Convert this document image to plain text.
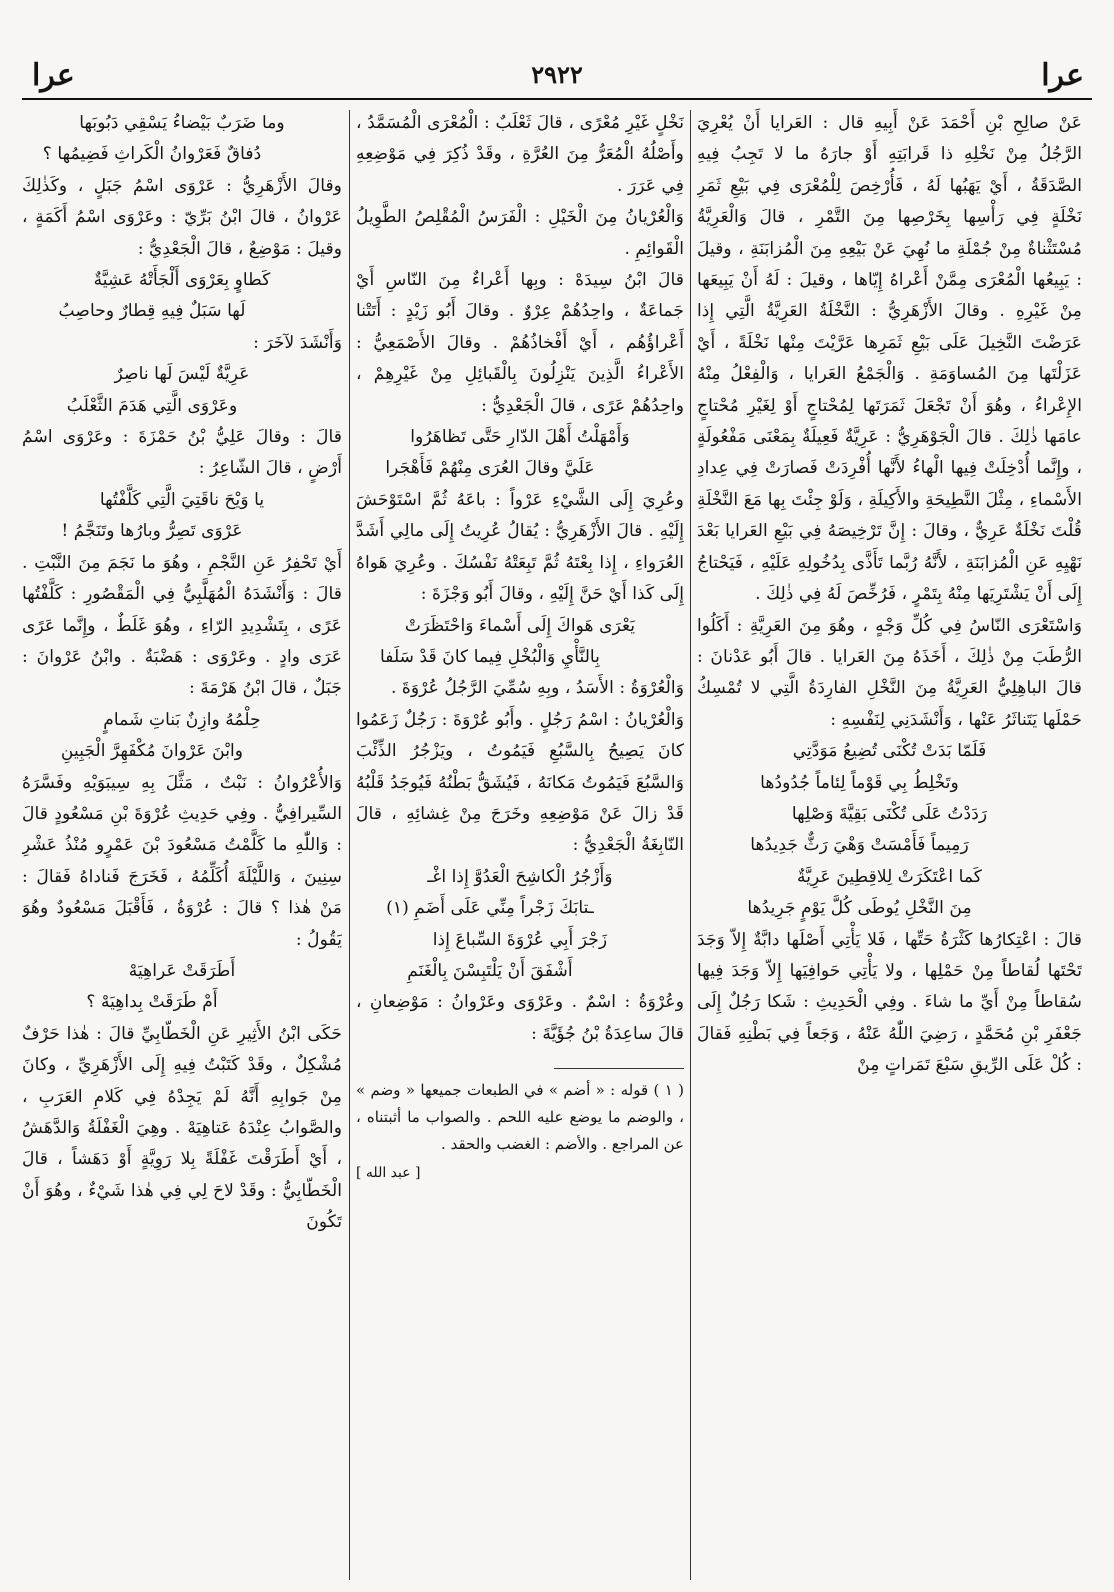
عرا	٢٩٢٢	عرا

عَنْ صالِحِ بْنِ أَحْمَدَ عَنْ أَبِيهِ قال : العَرايا أَنْ يُعْرِيَ الرَّجُلُ مِنْ نَخْلِهِ ذا قَرابَتِهِ أَوْ جارَهُ ما لا تَجِبُ فِيهِ الصَّدَقَةُ ، أَيْ يَهَبُها لَهُ ، فَأُرْخِصَ لِلْمُعْرَى فِي بَيْعِ ثَمَرِ نَخْلَةٍ فِي رَأْسِها بِخَرْصِها مِنَ التَّمْرِ ، قالَ وَالْعَرِيَّةُ مُسْتَثْناةٌ مِنْ جُمْلَةِ ما نُهِيَ عَنْ بَيْعِهِ مِنَ الْمُزابَنَةِ ، وقيلَ : يَبِيعُها الْمُعْرَى مِمَّنْ أَعْراهُ إِيّاها ، وقيلَ : لَهُ أَنْ يَبِيعَها مِنْ غَيْرِهِ . وقالَ الأَزْهَرِيُّ : النَّخْلَةُ العَرِيَّةُ الَّتِي إِذا عَرَضْتَ النَّخِيلَ عَلَى بَيْعِ ثَمَرِها عَرَّيْتَ مِنْها نَخْلَةً ، أَيْ عَزَلْتَها مِنَ المُساوَمَةِ . وَالْجَمْعُ العَرايا ، وَالْفِعْلُ مِنْهُ الإِعْراءُ ، وهُوَ أَنْ تَجْعَلَ ثَمَرَتَها لِمُحْتاجٍ أَوْ لِغَيْرِ مُحْتاجٍ عامَها ذٰلِكَ . قالَ الْجَوْهَرِيُّ : عَرِيَّةٌ فَعِيلَةٌ بِمَعْنَى مَفْعُولَةٍ ، وإِنَّما أُدْخِلَتْ فِيها الْهاءُ لأَنَّها أُفْرِدَتْ فَصارَتْ فِي عِدادِ الأَسْماءِ ، مِثْلَ النَّطِيحَةِ والأَكِيلَةِ ، وَلَوْ جِئْتَ بِها مَعَ النَّخْلَةِ قُلْتَ نَخْلَةٌ عَرِيٌّ ، وقالَ : إِنَّ تَرْخِيصَهُ فِي بَيْعِ العَرايا بَعْدَ نَهْيِهِ عَنِ الْمُزابَنَةِ ، لأَنَّهُ رُبَّما تَأَذَّى بِدُخُولِهِ عَلَيْهِ ، فَيَحْتاجُ إِلَى أَنْ يَشْتَرِيَها مِنْهُ بِتَمْرٍ ، فَرُخِّصَ لَهُ فِي ذٰلِكَ .

وَاسْتَعْرَى النّاسُ فِي كُلِّ وَجْهٍ ، وهُوَ مِنَ العَرِيَّةِ : أَكَلُوا الرُّطَبَ مِنْ ذٰلِكَ ، أَخَذَهُ مِنَ العَرايا . قالَ أَبُو عَدْنانَ : قالَ الباهِلِيُّ العَرِيَّةُ مِنَ النَّخْلِ الفارِدَةُ الَّتِي لا تُمْسِكُ حَمْلَها يَتَناثَرُ عَنْها ، وَأَنْشَدَنِي لِنَفْسِهِ :

فَلَمّا بَدَتْ تُكْنَى تُضِيعُ مَوَدَّتِي

وتَخْلِطُ بِي قَوْماً لِئاماً جُدُودُها

رَدَدْتُ عَلَى تُكْنَى بَقِيَّةَ وَصْلِها

رَمِيماً فَأَمْسَتْ وَهْيَ رَثٌّ جَدِيدُها

كَما اعْتَكَرَتْ لِلاقِطِينَ عَرِيَّةٌ

مِنَ النَّخْلِ يُوطَى كُلَّ يَوْمٍ جَرِيدُها

قالَ : اعْتِكارُها كَثْرَةُ حَتِّها ، فَلا يَأْتِي أَصْلَها دابَّةٌ إِلاّ وَجَدَ تَحْتَها لُقاطاً مِنْ حَمْلِها ، ولا يَأْتِي حَوافِيَها إِلاّ وَجَدَ فِيها سُقاطاً مِنْ أَيِّ ما شاءَ . وفِي الْحَدِيثِ : شَكا رَجُلٌ إِلَى جَعْفَرِ بْنِ مُحَمَّدٍ ، رَضِيَ اللّٰهُ عَنْهُ ، وَجَعاً فِي بَطْنِهِ فَقالَ : كُلْ عَلَى الرِّيقِ سَبْعَ تَمَراتٍ مِنْ

نَخْلٍ غَيْرِ مُعْرًى ، قالَ ثَعْلَبٌ : الْمُعْرَى الْمُسَمَّدُ ، وأَصْلُهُ الْمُعَرُّ مِنَ العُرَّةِ ، وقَدْ ذُكِرَ فِي مَوْضِعِهِ فِي عَرَرَ .

وَالْعُرْيانُ مِنَ الْخَيْلِ : الْفَرَسُ الْمُقْلِصُ الطَّوِيلُ الْقَوائِمِ .

قالَ ابْنُ سِيدَهْ : وبِها أَعْراءٌ مِنَ النّاسِ أَيْ جَماعَةٌ ، واحِدُهُمْ عِرْوٌ . وقالَ أَبُو زَيْدٍ : أَتَتْنا أَعْراؤُهُم ، أَيْ أَفْخاذُهُمْ . وقالَ الأَصْمَعِيُّ : الأَعْراءُ الَّذِينَ يَنْزِلُونَ بِالْقَبائِلِ مِنْ غَيْرِهِمْ ، واحِدُهُمْ عَرًى ، قالَ الْجَعْدِيُّ :

وَأَمْهَلْتُ أَهْلَ الدّارِ حَتَّى تَظاهَرُوا

عَلَيَّ وقالَ العُرَى مِنْهُمْ فَأَهْجَرا

وعُرِيَ إِلَى الشَّيْءِ عَرْواً : باعَهُ ثُمَّ اسْتَوْحَشَ إِلَيْهِ . قالَ الأَزْهَرِيُّ : يُقالُ عُرِيتُ إِلَى مالِي أَشَدَّ العُرَواءِ ، إِذا بِعْتَهُ ثُمَّ تَبِعَتْهُ نَفْسُكَ . وعُرِيَ هَواهُ إِلَى كَذا أَيْ حَنَّ إِلَيْهِ ، وقالَ أَبُو وَجْزَةَ :

يَعْرَى هَواكَ إِلَى أَسْماءَ وَاحْتَظَرَتْ

بِالنَّأْيِ وَالْبُخْلِ فِيما كانَ قَدْ سَلَفا

وَالْعُرْوَةُ : الأَسَدُ ، وبِهِ سُمِّيَ الرَّجُلُ عُرْوَةَ .

وَالْعُرْيانُ : اسْمُ رَجُلٍ . وأَبُو عُرْوَةَ : رَجُلٌ زَعَمُوا كانَ يَصِيحُ بِالسَّبُعِ فَيَمُوتُ ، ويَزْجُرُ الذِّئْبَ وَالسَّبُعَ فَيَمُوتُ مَكانَهُ ، فَيُشَقُّ بَطْنُهُ فَيُوجَدُ قَلْبُهُ قَدْ زالَ عَنْ مَوْضِعِهِ وخَرَجَ مِنْ غِشائِهِ ، قالَ النّابِغَةُ الْجَعْدِيُّ :

وَأَزْجُرُ الْكاشِحَ الْعَدُوَّ إِذا اغْـ

ـتابَكَ زَجْراً مِنِّي عَلَى أَضَمِ (١)

زَجْرَ أَبِي عُرْوَةَ السِّباعَ إِذا

أَشْفَقَ أَنْ يَلْتَبِسْنَ بِالْغَنَمِ

وعُرْوَةُ : اسْمٌ . وعَرْوَى وعَرْوانُ : مَوْضِعانِ ، قالَ ساعِدَةُ بْنُ جُؤَيَّةَ :

( ١ ) قوله : « أضم » في الطبعات جميعها « وضم » ، والوضم ما يوضع عليه اللحم . والصواب ما أثبتناه ، عن المراجع . والأضم : الغضب والحقد .

[ عبد الله ]

وما ضَرَبٌ بَيْضاءُ يَسْقِي دَبُوبَها

دُفاقٌ فَعَرْوانُ الْكَراثِ فَضِيمُها ؟

وقالَ الأَزْهَرِيُّ : عَرْوَى اسْمُ جَبَلٍ ، وكَذٰلِكَ عَرْوانُ ، قالَ ابْنُ بَرِّيّ : وعَرْوَى اسْمُ أَكَمَةٍ ، وقيلَ : مَوْضِعٌ ، قالَ الْجَعْدِيُّ :

كَطاوٍ بِعَرْوَى أَلْجَأَتْهُ عَشِيَّةٌ

لَها سَبَلٌ فِيهِ قِطارٌ وحاصِبُ

وَأَنْشَدَ لآخَرَ :

عَرِيَّةٌ لَيْسَ لَها ناصِرٌ

وعَرْوَى الَّتِي هَدَمَ الثَّعْلَبُ

قالَ : وقالَ عَلِيُّ بْنُ حَمْزَةَ : وعَرْوَى اسْمُ أَرْضٍ ، قالَ الشّاعِرُ :

يا وَيْحَ ناقَتِيَ الَّتِي كَلَّفْتُها

عَرْوَى تَصِرُّ وبارُها وتَنَجَّمُ !

أَيْ تَحْفِرُ عَنِ النَّجْمِ ، وهُوَ ما نَجَمَ مِنَ النَّبْتِ . قالَ : وَأَنْشَدَهُ الْمُهَلَّبِيُّ فِي الْمَقْصُورِ : كَلَّفْتُها عَرًى ، بِتَشْدِيدِ الرّاءِ ، وهُوَ غَلَطٌ ، وإِنَّما عَرًى عَرَى وادٍ . وعَرْوَى : هَضْبَةٌ . وابْنُ عَرْوانَ : جَبَلٌ ، قالَ ابْنُ هَرْمَةَ :

حِلْمُهُ وازِنٌ بَناتِ شَمامٍ

وابْنَ عَرْوانَ مُكْفَهِرَّ الْجَبِينِ

وَالأُعْرُوانُ : نَبْتٌ ، مَثَّلَ بِهِ سِيبَوَيْهِ وفَسَّرَهُ السِّيرافِيُّ . وفِي حَدِيثِ عُرْوَةَ بْنِ مَسْعُودٍ قالَ : وَاللّٰهِ ما كَلَّمْتُ مَسْعُودَ بْنَ عَمْرٍو مُنْذُ عَشْرِ سِنِينَ ، وَاللَّيْلَةَ أُكَلِّمُهُ ، فَخَرَجَ فَناداهُ فَقالَ : مَنْ هٰذا ؟ قالَ : عُرْوَةُ ، فَأَقْبَلَ مَسْعُودٌ وهُوَ يَقُولُ :

أَطَرَقَتْ عَراهِيَهْ

أَمْ طَرَقَتْ بِداهِيَهْ ؟

حَكَى ابْنُ الأَثِيرِ عَنِ الْخَطّابِيِّ قالَ : هٰذا حَرْفٌ مُشْكِلٌ ، وقَدْ كَتَبْتُ فِيهِ إِلَى الأَزْهَرِيِّ ، وكانَ مِنْ جَوابِهِ أَنَّهُ لَمْ يَجِدْهُ فِي كَلامِ العَرَبِ ، والصَّوابُ عِنْدَهُ عَتاهِيَهْ . وهِيَ الْغَفْلَةُ وَالدَّهَشُ ، أَيْ أَطَرَقْتَ غَفْلَةً بِلا رَوِيَّةٍ أَوْ دَهَشاً ، قالَ الْخَطّابِيُّ : وقَدْ لاحَ لِي فِي هٰذا شَيْءٌ ، وهُوَ أَنْ تَكُونَ
